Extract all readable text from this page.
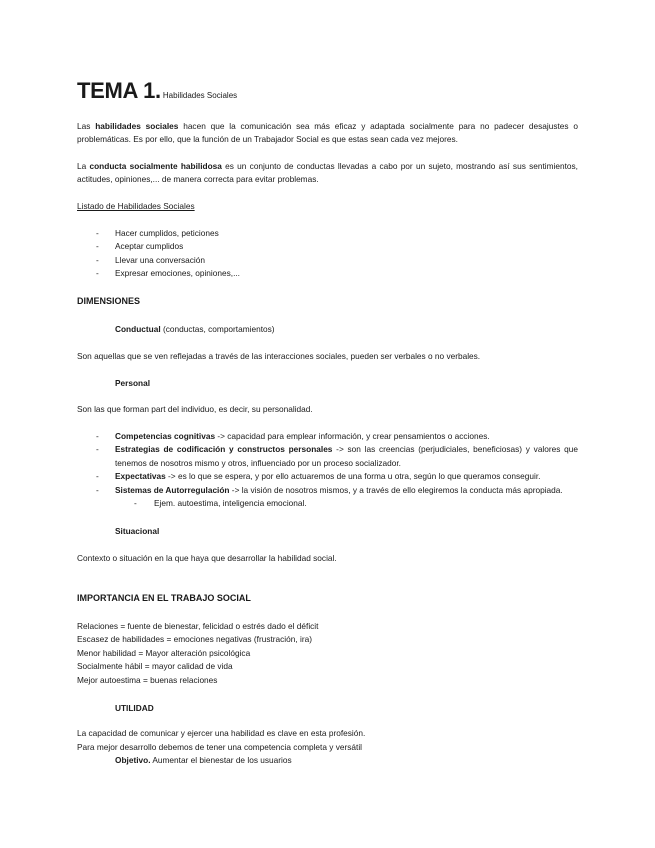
TEMA 1. Habilidades Sociales
Las habilidades sociales hacen que la comunicación sea más eficaz y adaptada socialmente para no padecer desajustes o
problemáticas. Es por ello, que la función de un Trabajador Social es que estas sean cada vez mejores.
La conducta socialmente habilidosa es un conjunto de conductas llevadas a cabo por un sujeto, mostrando así sus sentimientos,
actitudes, opiniones,... de manera correcta para evitar problemas.
Listado de Habilidades Sociales
- Hacer cumplidos, peticiones
- Aceptar cumplidos
- Llevar una conversación
- Expresar emociones, opiniones,...
DIMENSIONES
Conductual (conductas, comportamientos)
Son aquellas que se ven reflejadas a través de las interacciones sociales, pueden ser verbales o no verbales.
Personal
Son las que forman part del individuo, es decir, su personalidad.
- Competencias cognitivas -> capacidad para emplear información, y crear pensamientos o acciones.
- Estrategias de codificación y constructos personales -> son las creencias (perjudiciales, beneficiosas) y valores que
tenemos de nosotros mismo y otros, influenciado por un proceso socializador.
- Expectativas -> es lo que se espera, y por ello actuaremos de una forma u otra, según lo que queramos conseguir.
- Sistemas de Autorregulación -> la visión de nosotros mismos, y a través de ello elegiremos la conducta más apropiada.
- Ejem. autoestima, inteligencia emocional.
Situacional
Contexto o situación en la que haya que desarrollar la habilidad social.
IMPORTANCIA EN EL TRABAJO SOCIAL
Relaciones = fuente de bienestar, felicidad o estrés dado el déficit
Escasez de habilidades = emociones negativas (frustración, ira)
Menor habilidad = Mayor alteración psicológica
Socialmente hábil = mayor calidad de vida
Mejor autoestima = buenas relaciones
UTILIDAD
La capacidad de comunicar y ejercer una habilidad es clave en esta profesión.
Para mejor desarrollo debemos de tener una competencia completa y versátil
Objetivo. Aumentar el bienestar de los usuarios
